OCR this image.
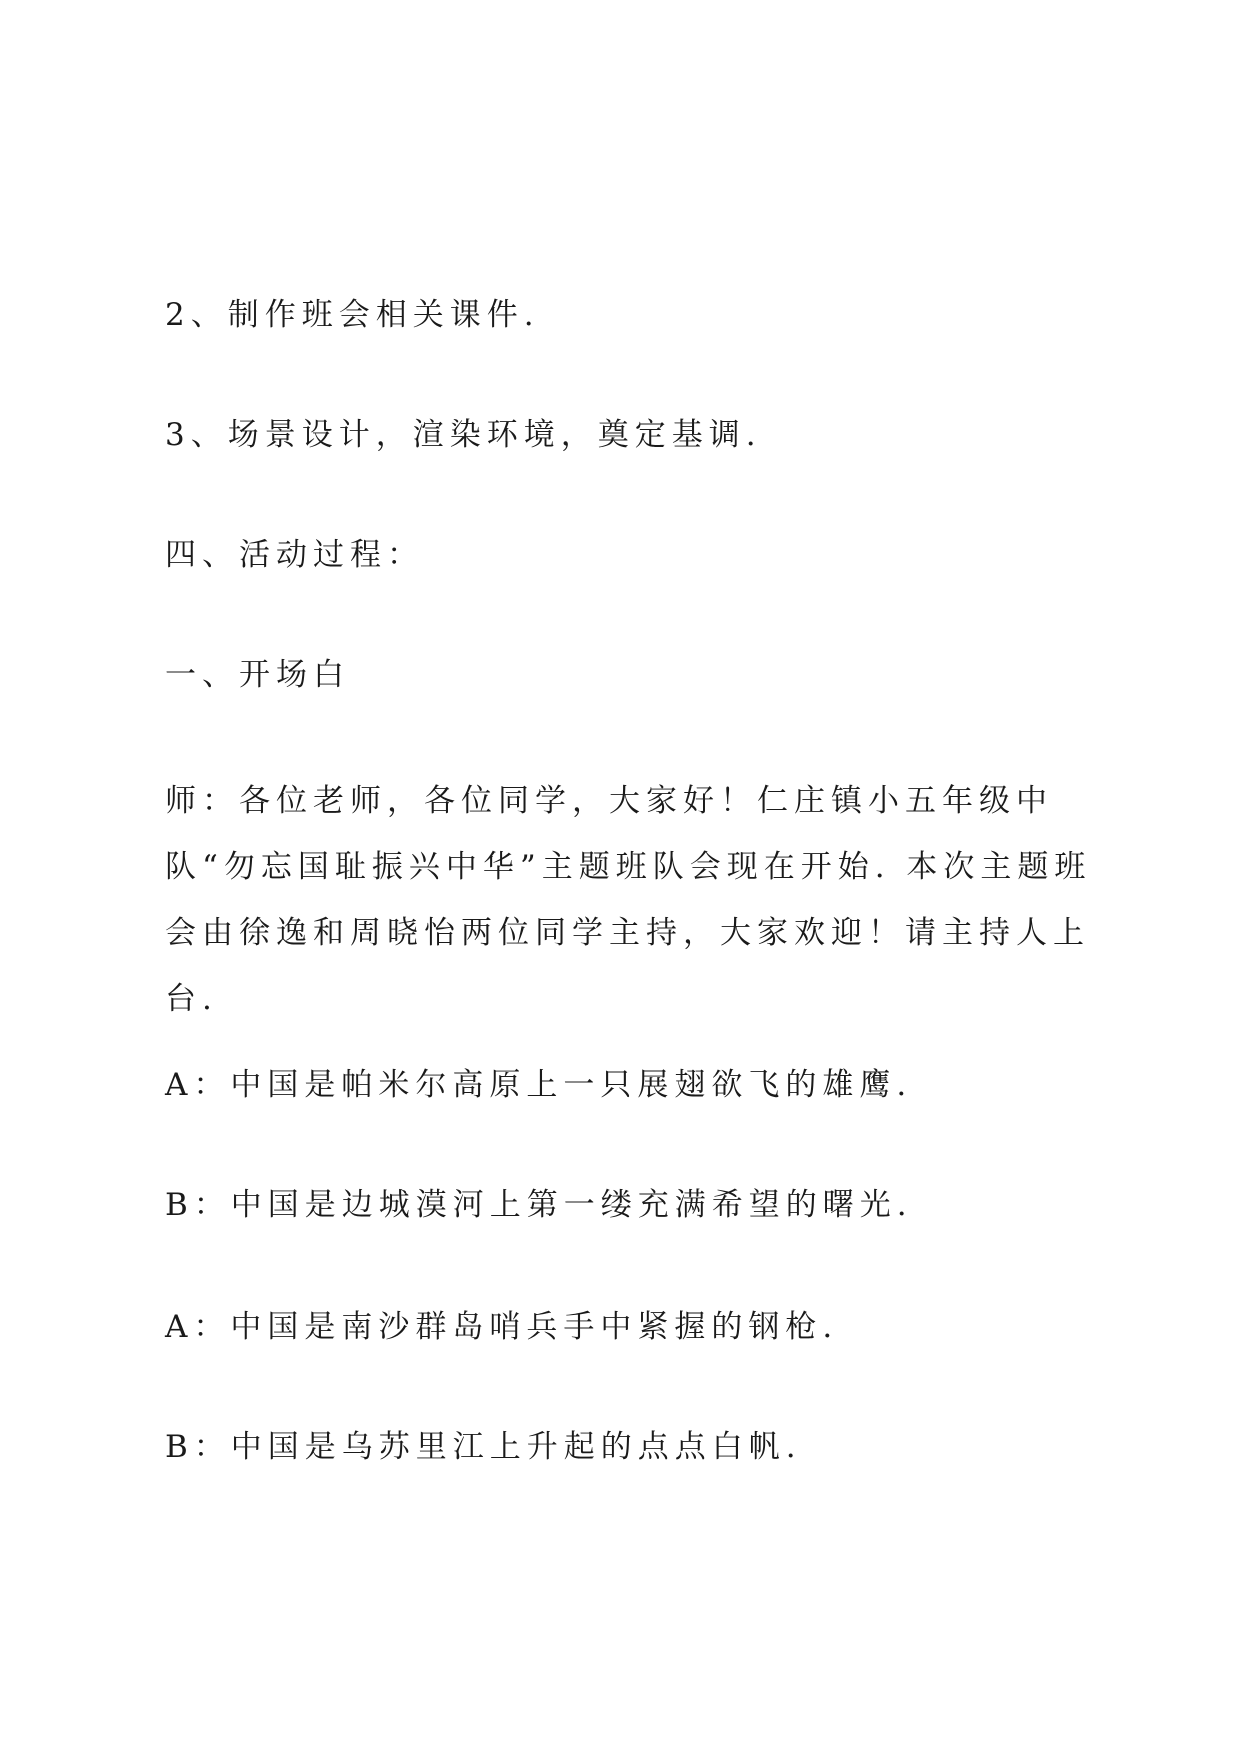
2、制作班会相关课件.

3、场景设计，渲染环境，奠定基调.

四、活动过程：

一、开场白

师：各位老师，各位同学，大家好！仁庄镇小五年级中队“勿忘国耻振兴中华”主题班队会现在开始. 本次主题班会由徐逸和周晓怡两位同学主持，大家欢迎！请主持人上台.

A：中国是帕米尔高原上一只展翅欲飞的雄鹰.

B：中国是边城漠河上第一缕充满希望的曙光.

A：中国是南沙群岛哨兵手中紧握的钢枪.

B：中国是乌苏里江上升起的点点白帆.
